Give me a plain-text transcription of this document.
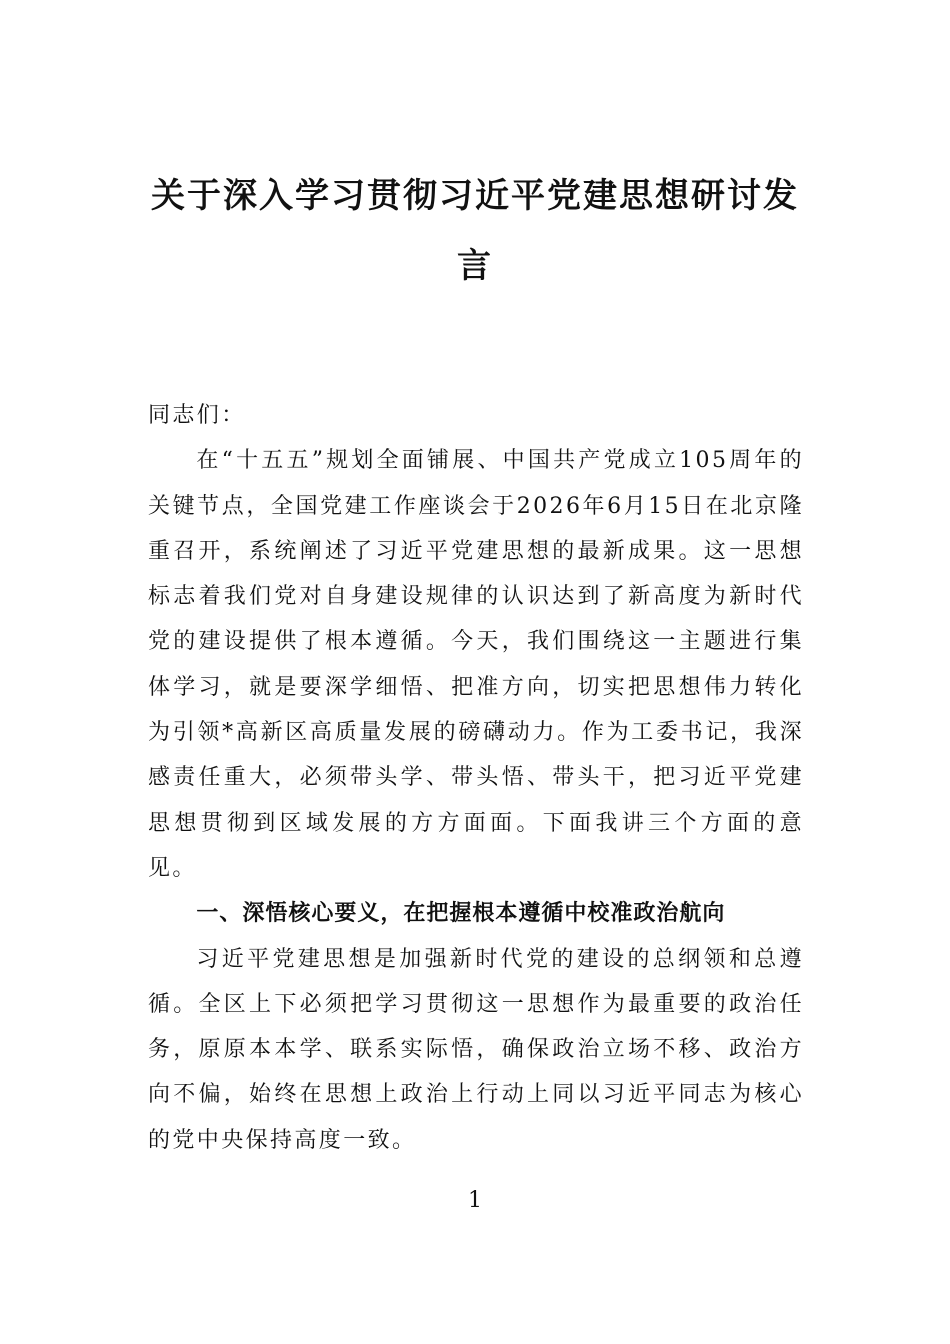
关于深入学习贯彻习近平党建思想研讨发
言

同志们：

在“十五五”规划全面铺展、中国共产党成立105周年的关键节点，全国党建工作座谈会于2026年6月15日在北京隆重召开，系统阐述了习近平党建思想的最新成果。这一思想标志着我们党对自身建设规律的认识达到了新高度为新时代党的建设提供了根本遵循。今天，我们围绕这一主题进行集体学习，就是要深学细悟、把准方向，切实把思想伟力转化为引领*高新区高质量发展的磅礴动力。作为工委书记，我深感责任重大，必须带头学、带头悟、带头干，把习近平党建思想贯彻到区域发展的方方面面。下面我讲三个方面的意见。

一、深悟核心要义，在把握根本遵循中校准政治航向

习近平党建思想是加强新时代党的建设的总纲领和总遵循。全区上下必须把学习贯彻这一思想作为最重要的政治任务，原原本本学、联系实际悟，确保政治立场不移、政治方向不偏，始终在思想上政治上行动上同以习近平同志为核心的党中央保持高度一致。

1
